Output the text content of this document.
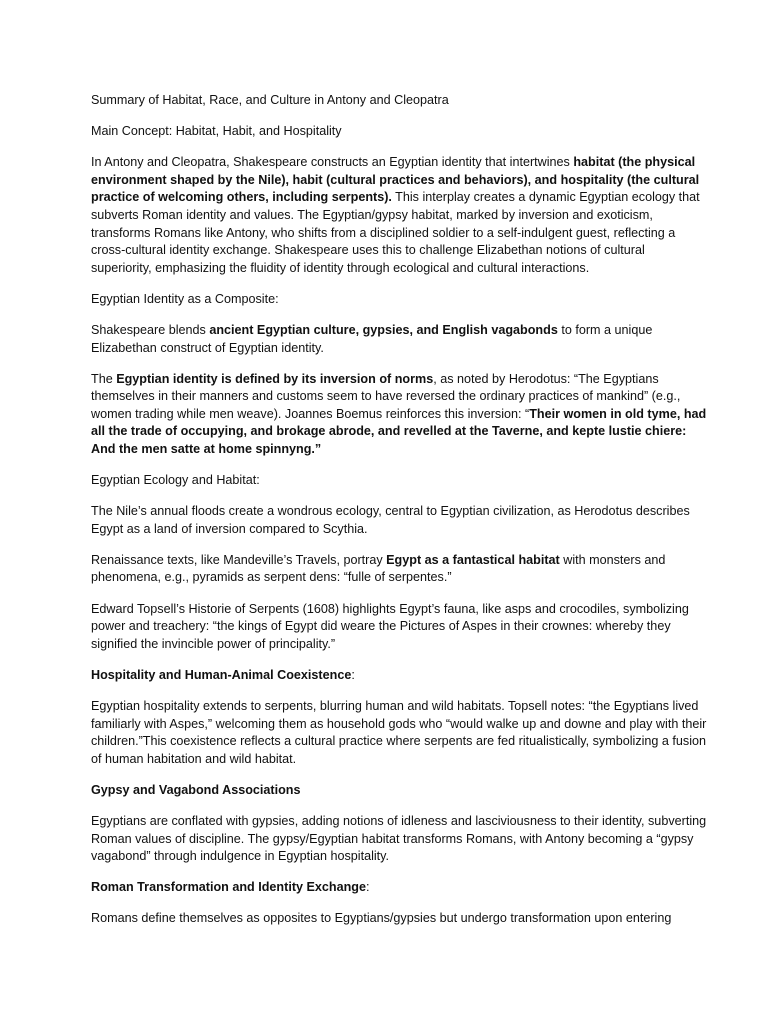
Summary of Habitat, Race, and Culture in Antony and Cleopatra

Main Concept: Habitat, Habit, and Hospitality

In Antony and Cleopatra, Shakespeare constructs an Egyptian identity that intertwines habitat (the physical environment shaped by the Nile), habit (cultural practices and behaviors), and hospitality (the cultural practice of welcoming others, including serpents). This interplay creates a dynamic Egyptian ecology that subverts Roman identity and values. The Egyptian/gypsy habitat, marked by inversion and exoticism, transforms Romans like Antony, who shifts from a disciplined soldier to a self-indulgent guest, reflecting a cross-cultural identity exchange. Shakespeare uses this to challenge Elizabethan notions of cultural superiority, emphasizing the fluidity of identity through ecological and cultural interactions.

Egyptian Identity as a Composite:

Shakespeare blends ancient Egyptian culture, gypsies, and English vagabonds to form a unique Elizabethan construct of Egyptian identity.

The Egyptian identity is defined by its inversion of norms, as noted by Herodotus: “The Egyptians themselves in their manners and customs seem to have reversed the ordinary practices of mankind” (e.g., women trading while men weave). Joannes Boemus reinforces this inversion: “Their women in old tyme, had all the trade of occupying, and brokage abrode, and revelled at the Taverne, and kepte lustie chiere: And the men satte at home spinnyng.”

Egyptian Ecology and Habitat:

The Nile’s annual floods create a wondrous ecology, central to Egyptian civilization, as Herodotus describes Egypt as a land of inversion compared to Scythia.

Renaissance texts, like Mandeville’s Travels, portray Egypt as a fantastical habitat with monsters and phenomena, e.g., pyramids as serpent dens: “fulle of serpentes.”

Edward Topsell’s Historie of Serpents (1608) highlights Egypt’s fauna, like asps and crocodiles, symbolizing power and treachery: “the kings of Egypt did weare the Pictures of Aspes in their crownes: whereby they signified the invincible power of principality.”

Hospitality and Human-Animal Coexistence:

Egyptian hospitality extends to serpents, blurring human and wild habitats. Topsell notes: “the Egyptians lived familiarly with Aspes,” welcoming them as household gods who “would walke up and downe and play with their children.”This coexistence reflects a cultural practice where serpents are fed ritualistically, symbolizing a fusion of human habitation and wild habitat.

Gypsy and Vagabond Associations

Egyptians are conflated with gypsies, adding notions of idleness and lasciviousness to their identity, subverting Roman values of discipline. The gypsy/Egyptian habitat transforms Romans, with Antony becoming a “gypsy vagabond” through indulgence in Egyptian hospitality.

Roman Transformation and Identity Exchange:

Romans define themselves as opposites to Egyptians/gypsies but undergo transformation upon entering
